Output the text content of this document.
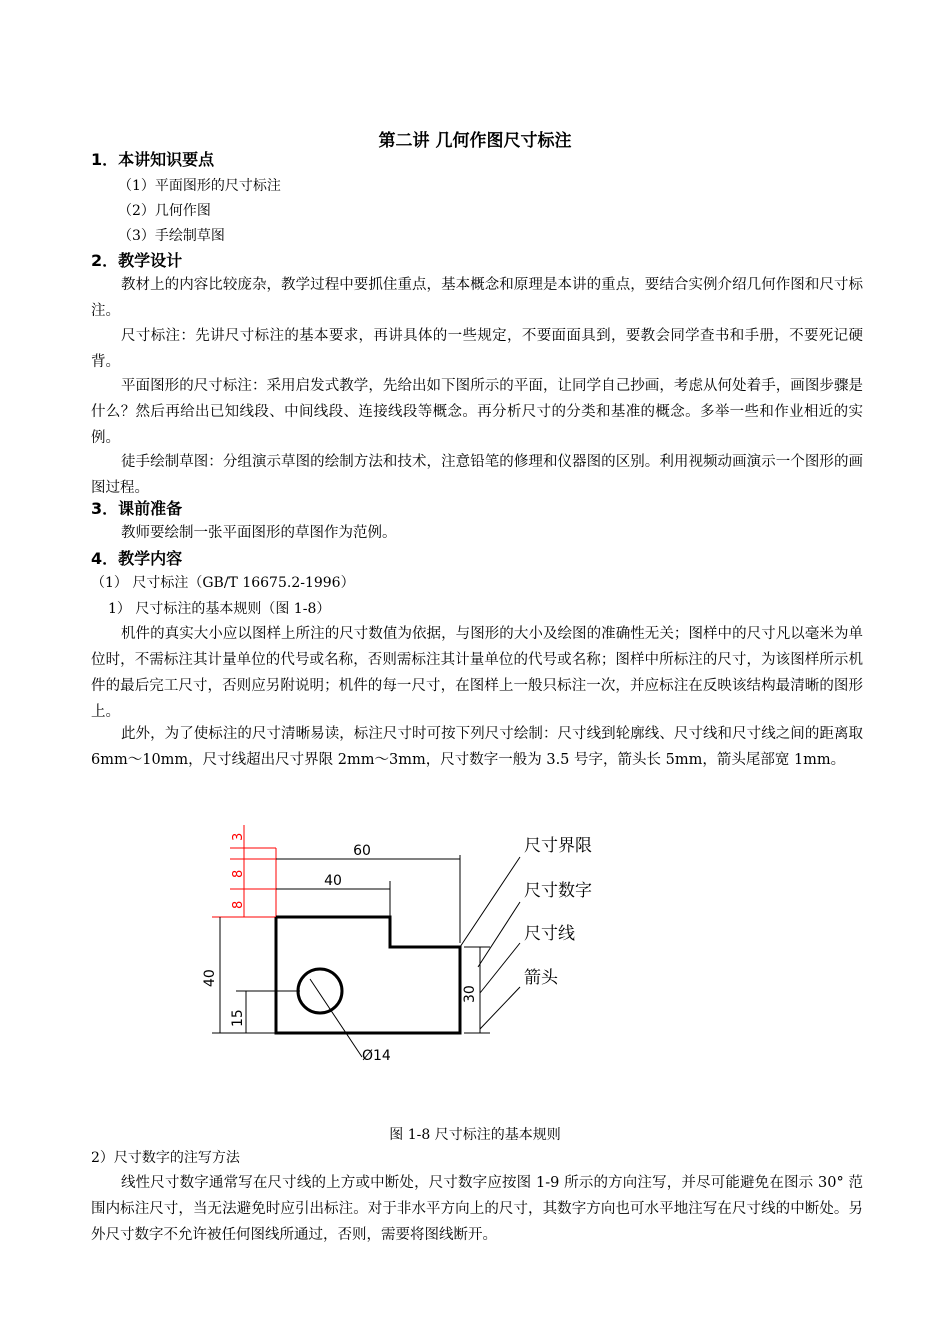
第二讲 几何作图尺寸标注
1．本讲知识要点
（1）平面图形的尺寸标注
（2）几何作图
（3）手绘制草图
2．教学设计
教材上的内容比较庞杂，教学过程中要抓住重点，基本概念和原理是本讲的重点，要结合实例介绍几何作图和尺寸标注。
尺寸标注：先讲尺寸标注的基本要求，再讲具体的一些规定，不要面面具到，要教会同学查书和手册，不要死记硬背。
平面图形的尺寸标注：采用启发式教学，先给出如下图所示的平面，让同学自己抄画，考虑从何处着手，画图步骤是什么？然后再给出已知线段、中间线段、连接线段等概念。再分析尺寸的分类和基准的概念。多举一些和作业相近的实例。
徒手绘制草图：分组演示草图的绘制方法和技术，注意铅笔的修理和仪器图的区别。利用视频动画演示一个图形的画图过程。
3．课前准备
教师要绘制一张平面图形的草图作为范例。
4．教学内容
（1） 尺寸标注（GB/T 16675.2-1996）
1） 尺寸标注的基本规则（图 1-8）
机件的真实大小应以图样上所注的尺寸数值为依据，与图形的大小及绘图的准确性无关；图样中的尺寸凡以毫米为单位时，不需标注其计量单位的代号或名称，否则需标注其计量单位的代号或名称；图样中所标注的尺寸，为该图样所示机件的最后完工尺寸，否则应另附说明；机件的每一尺寸，在图样上一般只标注一次，并应标注在反映该结构最清晰的图形上。
此外，为了使标注的尺寸清晰易读，标注尺寸时可按下列尺寸绘制：尺寸线到轮廓线、尺寸线和尺寸线之间的距离取 6mm～10mm，尺寸线超出尺寸界限 2mm～3mm，尺寸数字一般为 3.5 号字，箭头长 5mm，箭头尾部宽 1mm。
3
8
8
60
40
40
15
30
Ø14
尺寸界限
尺寸数字
尺寸线
箭头
图 1-8 尺寸标注的基本规则
2）尺寸数字的注写方法
线性尺寸数字通常写在尺寸线的上方或中断处，尺寸数字应按图 1-9 所示的方向注写，并尽可能避免在图示 30° 范围内标注尺寸，当无法避免时应引出标注。对于非水平方向上的尺寸，其数字方向也可水平地注写在尺寸线的中断处。另外尺寸数字不允许被任何图线所通过，否则，需要将图线断开。
